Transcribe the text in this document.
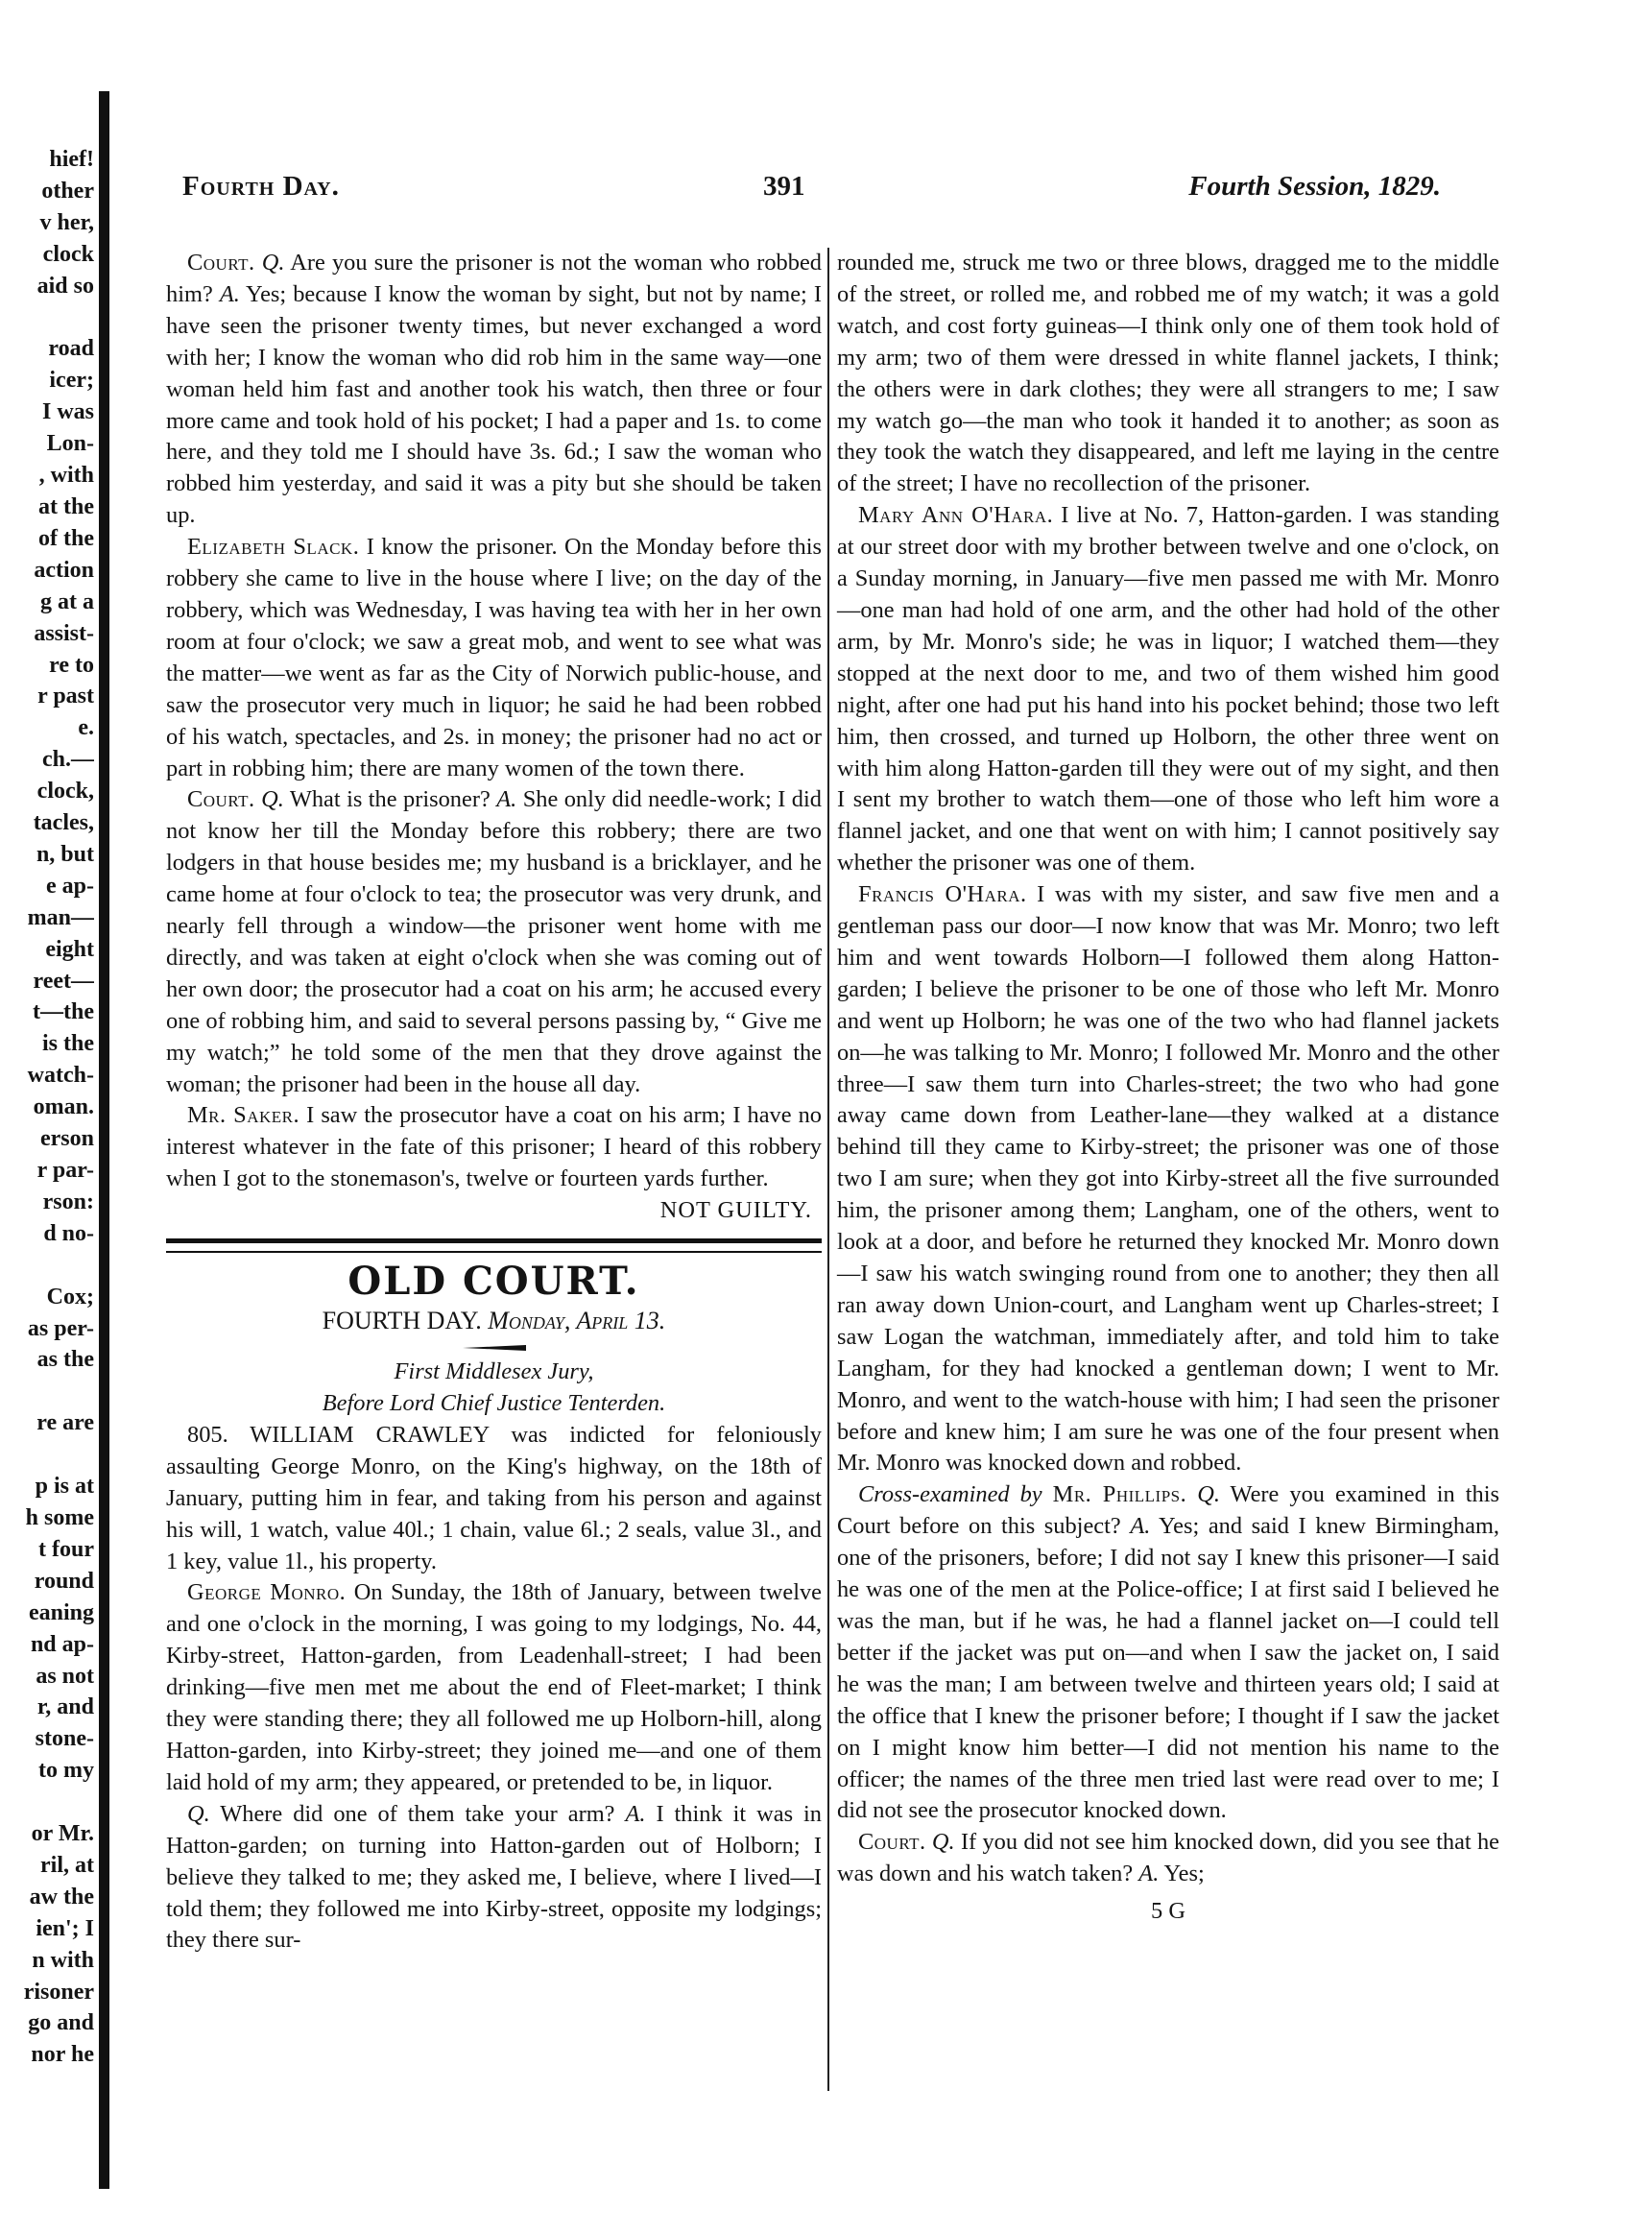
hief!
other
v her,
clock
aid so

road
icer;
I was
Lon-
, with
at the
of the
action
g at a
assist-
re to
r past
e.
ch.—
clock,
tacles,
n, but
e ap-
man—
eight
reet—
t—the
is the
watch-
oman.
erson
r par-
rson:
d no-

Cox;
as per-
as the

re are

p is at
h some
t four
round
eaning
nd ap-
as not
r, and
stone-
to my

or Mr.
ril, at
aw the
ien'; I
n with
risoner
go and
nor he
Fourth Day.	391	Fourth Session, 1829.

Court. Q. Are you sure the prisoner is not the woman who robbed him? A. Yes; because I know the woman by sight, but not by name; I have seen the prisoner twenty times, but never exchanged a word with her; I know the woman who did rob him in the same way—one woman held him fast and another took his watch, then three or four more came and took hold of his pocket; I had a paper and 1s. to come here, and they told me I should have 3s. 6d.; I saw the woman who robbed him yesterday, and said it was a pity but she should be taken up.

Elizabeth Slack. I know the prisoner. On the Monday before this robbery she came to live in the house where I live; on the day of the robbery, which was Wednesday, I was having tea with her in her own room at four o'clock; we saw a great mob, and went to see what was the matter—we went as far as the City of Norwich public-house, and saw the prosecutor very much in liquor; he said he had been robbed of his watch, spectacles, and 2s. in money; the prisoner had no act or part in robbing him; there are many women of the town there.

Court. Q. What is the prisoner? A. She only did needle-work; I did not know her till the Monday before this robbery; there are two lodgers in that house besides me; my husband is a bricklayer, and he came home at four o'clock to tea; the prosecutor was very drunk, and nearly fell through a window—the prisoner went home with me directly, and was taken at eight o'clock when she was coming out of her own door; the prosecutor had a coat on his arm; he accused every one of robbing him, and said to several persons passing by, “ Give me my watch;” he told some of the men that they drove against the woman; the prisoner had been in the house all day.

Mr. Saker. I saw the prosecutor have a coat on his arm; I have no interest whatever in the fate of this prisoner; I heard of this robbery when I got to the stonemason's, twelve or fourteen yards further.

NOT GUILTY.

OLD COURT.

FOURTH DAY. Monday, April 13.

First Middlesex Jury,

Before Lord Chief Justice Tenterden.

805. WILLIAM CRAWLEY was indicted for feloniously assaulting George Monro, on the King's highway, on the 18th of January, putting him in fear, and taking from his person and against his will, 1 watch, value 40l.; 1 chain, value 6l.; 2 seals, value 3l., and 1 key, value 1l., his property.

George Monro. On Sunday, the 18th of January, between twelve and one o'clock in the morning, I was going to my lodgings, No. 44, Kirby-street, Hatton-garden, from Leadenhall-street; I had been drinking—five men met me about the end of Fleet-market; I think they were standing there; they all followed me up Holborn-hill, along Hatton-garden, into Kirby-street; they joined me—and one of them laid hold of my arm; they appeared, or pretended to be, in liquor.

Q. Where did one of them take your arm? A. I think it was in Hatton-garden; on turning into Hatton-garden out of Holborn; I believe they talked to me; they asked me, I believe, where I lived—I told them; they followed me into Kirby-street, opposite my lodgings; they there sur-

rounded me, struck me two or three blows, dragged me to the middle of the street, or rolled me, and robbed me of my watch; it was a gold watch, and cost forty guineas—I think only one of them took hold of my arm; two of them were dressed in white flannel jackets, I think; the others were in dark clothes; they were all strangers to me; I saw my watch go—the man who took it handed it to another; as soon as they took the watch they disappeared, and left me laying in the centre of the street; I have no recollection of the prisoner.

Mary Ann O'Hara. I live at No. 7, Hatton-garden. I was standing at our street door with my brother between twelve and one o'clock, on a Sunday morning, in January—five men passed me with Mr. Monro—one man had hold of one arm, and the other had hold of the other arm, by Mr. Monro's side; he was in liquor; I watched them—they stopped at the next door to me, and two of them wished him good night, after one had put his hand into his pocket behind; those two left him, then crossed, and turned up Holborn, the other three went on with him along Hatton-garden till they were out of my sight, and then I sent my brother to watch them—one of those who left him wore a flannel jacket, and one that went on with him; I cannot positively say whether the prisoner was one of them.

Francis O'Hara. I was with my sister, and saw five men and a gentleman pass our door—I now know that was Mr. Monro; two left him and went towards Holborn—I followed them along Hatton-garden; I believe the prisoner to be one of those who left Mr. Monro and went up Holborn; he was one of the two who had flannel jackets on—he was talking to Mr. Monro; I followed Mr. Monro and the other three—I saw them turn into Charles-street; the two who had gone away came down from Leather-lane—they walked at a distance behind till they came to Kirby-street; the prisoner was one of those two I am sure; when they got into Kirby-street all the five surrounded him, the prisoner among them; Langham, one of the others, went to look at a door, and before he returned they knocked Mr. Monro down—I saw his watch swinging round from one to another; they then all ran away down Union-court, and Langham went up Charles-street; I saw Logan the watchman, immediately after, and told him to take Langham, for they had knocked a gentleman down; I went to Mr. Monro, and went to the watch-house with him; I had seen the prisoner before and knew him; I am sure he was one of the four present when Mr. Monro was knocked down and robbed.

Cross-examined by Mr. Phillips. Q. Were you examined in this Court before on this subject? A. Yes; and said I knew Birmingham, one of the prisoners, before; I did not say I knew this prisoner—I said he was one of the men at the Police-office; I at first said I believed he was the man, but if he was, he had a flannel jacket on—I could tell better if the jacket was put on—and when I saw the jacket on, I said he was the man; I am between twelve and thirteen years old; I said at the office that I knew the prisoner before; I thought if I saw the jacket on I might know him better—I did not mention his name to the officer; the names of the three men tried last were read over to me; I did not see the prosecutor knocked down.

Court. Q. If you did not see him knocked down, did you see that he was down and his watch taken? A. Yes;

5 G
